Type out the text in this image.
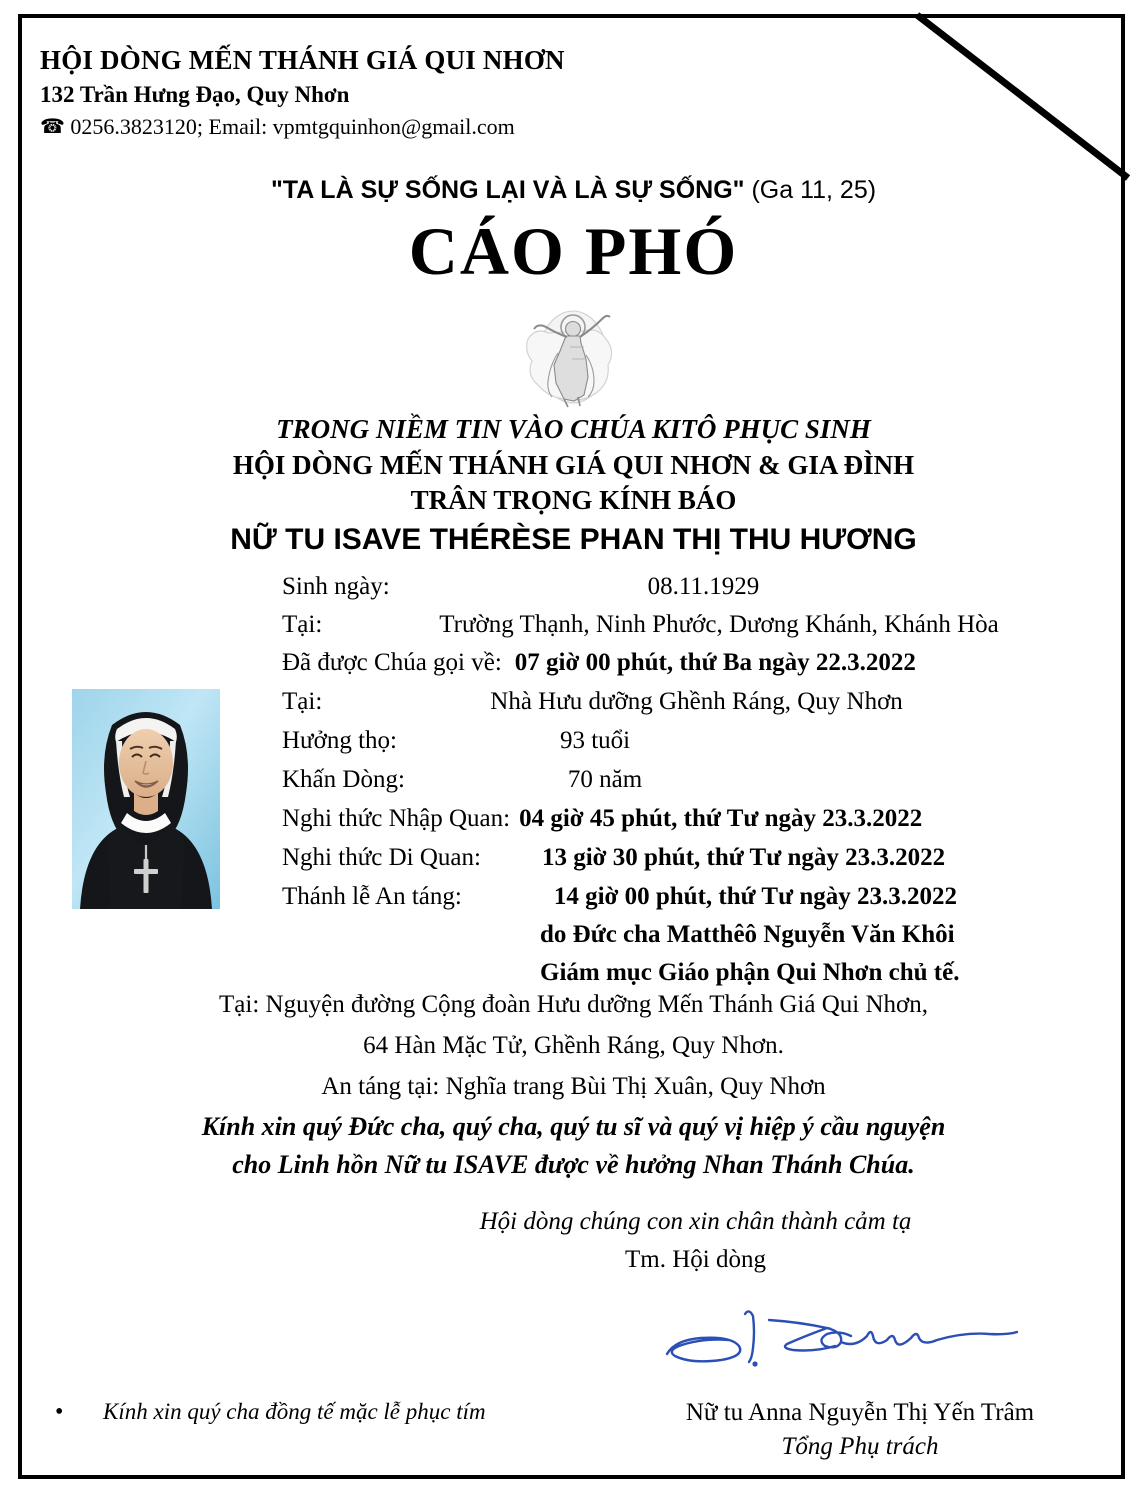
HỘI DÒNG MẾN THÁNH GIÁ QUI NHƠN
132 Trần Hưng Đạo, Quy Nhơn
☎ 0256.3823120; Email: vpmtgquinhon@gmail.com
"TA LÀ SỰ SỐNG LẠI VÀ LÀ SỰ SỐNG" (Ga 11, 25)
CÁO PHÓ
TRONG NIỀM TIN VÀO CHÚA KITÔ PHỤC SINH
HỘI DÒNG MẾN THÁNH GIÁ QUI NHƠN & GIA ĐÌNH
TRÂN TRỌNG KÍNH BÁO
NỮ TU ISAVE THÉRÈSE PHAN THỊ THU HƯƠNG
Sinh ngày:	08.11.1929
Tại:	Trường Thạnh, Ninh Phước, Dương Khánh, Khánh Hòa
Đã được Chúa gọi về: 07 giờ 00 phút, thứ Ba ngày 22.3.2022
Tại:	Nhà Hưu dưỡng Ghềnh Ráng, Quy Nhơn
Hưởng thọ:	93 tuổi
Khấn Dòng:	70 năm
Nghi thức Nhập Quan: 04 giờ 45 phút, thứ Tư ngày 23.3.2022
Nghi thức Di Quan: 13 giờ 30 phút, thứ Tư ngày 23.3.2022
Thánh lễ An táng:	14 giờ 00 phút, thứ Tư ngày 23.3.2022
do Đức cha Matthêô Nguyễn Văn Khôi
Giám mục Giáo phận Qui Nhơn chủ tế.
Tại: Nguyện đường Cộng đoàn Hưu dưỡng Mến Thánh Giá Qui Nhơn,
64 Hàn Mặc Tử, Ghềnh Ráng, Quy Nhơn.
An táng tại: Nghĩa trang Bùi Thị Xuân, Quy Nhơn
Kính xin quý Đức cha, quý cha, quý tu sĩ và quý vị hiệp ý cầu nguyện
cho Linh hồn Nữ tu ISAVE được về hưởng Nhan Thánh Chúa.
Hội dòng chúng con xin chân thành cảm tạ
Tm. Hội dòng
• Kính xin quý cha đồng tế mặc lễ phục tím	Nữ tu Anna Nguyễn Thị Yến Trâm
Tổng Phụ trách
